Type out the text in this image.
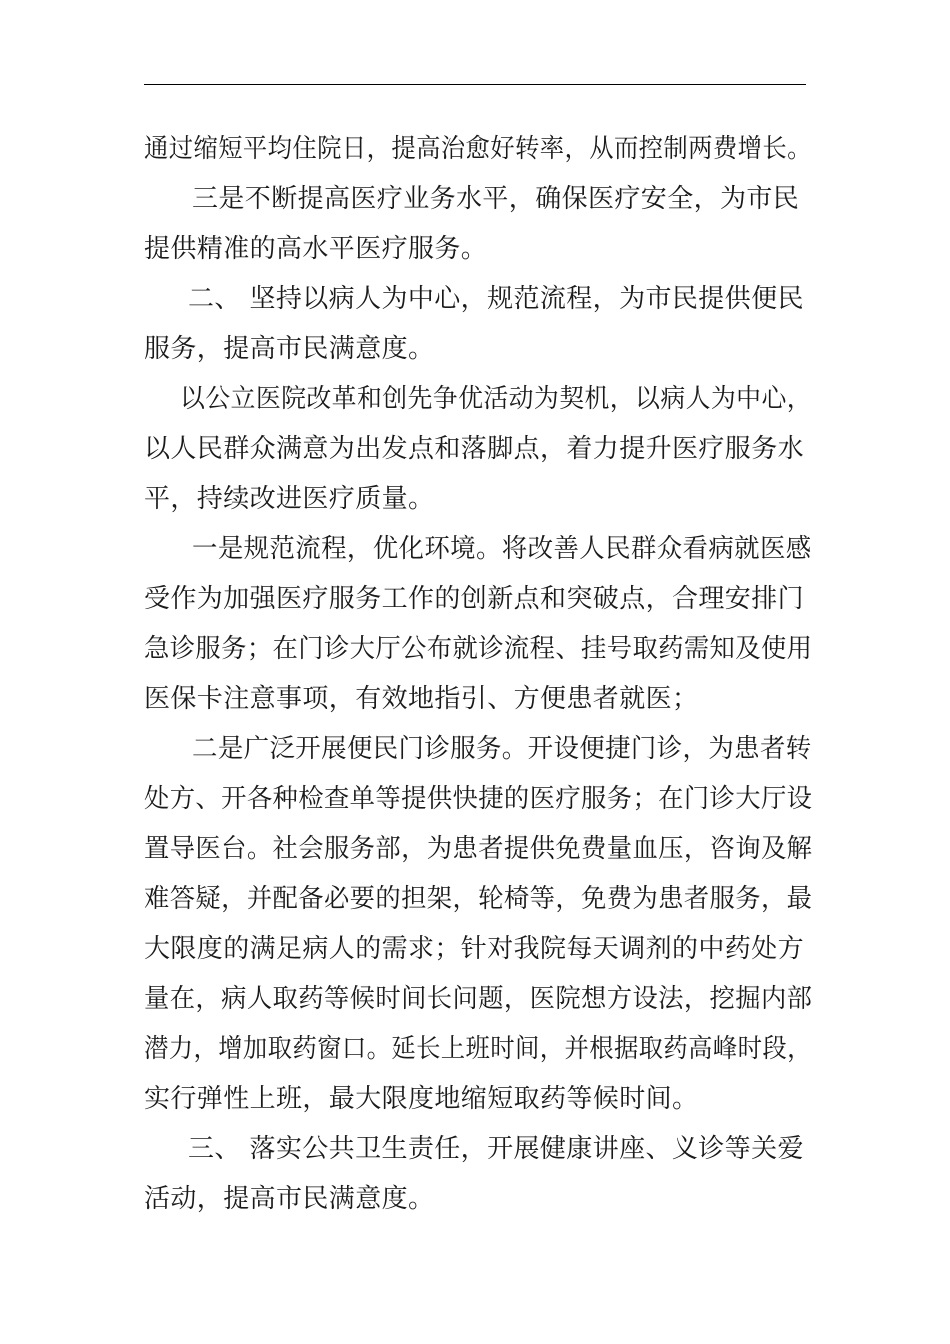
通过缩短平均住院日，提高治愈好转率，从而控制两费增长。
三是不断提高医疗业务水平，确保医疗安全，为市民
提供精准的高水平医疗服务。
二、 坚持以病人为中心，规范流程，为市民提供便民
服务，提高市民满意度。
以公立医院改革和创先争优活动为契机，以病人为中心，
以人民群众满意为出发点和落脚点，着力提升医疗服务水
平，持续改进医疗质量。
一是规范流程，优化环境。将改善人民群众看病就医感
受作为加强医疗服务工作的创新点和突破点，合理安排门
急诊服务；在门诊大厅公布就诊流程、挂号取药需知及使用
医保卡注意事项，有效地指引、方便患者就医；
二是广泛开展便民门诊服务。开设便捷门诊，为患者转
处方、开各种检查单等提供快捷的医疗服务；在门诊大厅设
置导医台。社会服务部，为患者提供免费量血压，咨询及解
难答疑，并配备必要的担架，轮椅等，免费为患者服务，最
大限度的满足病人的需求；针对我院每天调剂的中药处方
量在，病人取药等候时间长问题，医院想方设法，挖掘内部
潜力，增加取药窗口。延长上班时间，并根据取药高峰时段，
实行弹性上班，最大限度地缩短取药等候时间。
三、 落实公共卫生责任，开展健康讲座、义诊等关爱
活动，提高市民满意度。
